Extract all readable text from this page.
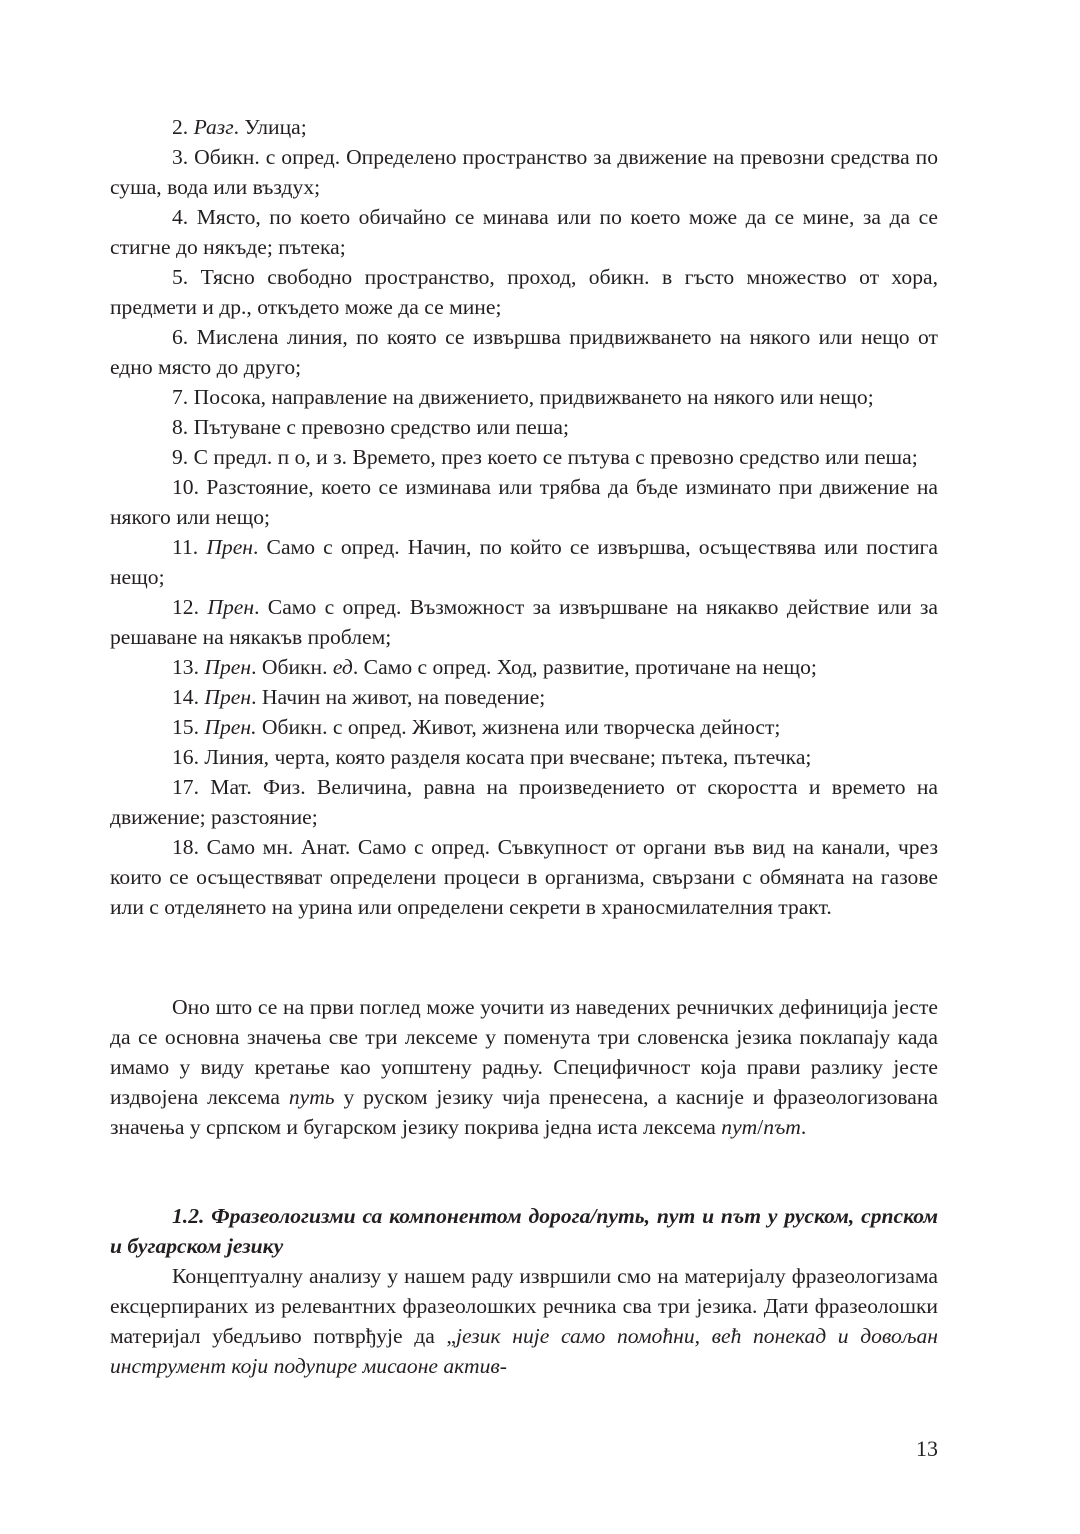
2. Разг. Улица;

3. Обикн. с опред. Определено пространство за движение на превозни средства по суша, вода или въздух;

4. Място, по което обичайно се минава или по което може да се мине, за да се стигне до някъде; пътека;

5. Тясно свободно пространство, проход, обикн. в гъсто множество от хора, предмети и др., откъдето може да се мине;

6. Мислена линия, по която се извършва придвижването на някого или нещо от едно място до друго;

7. Посока, направление на движението, придвижването на някого или нещо;

8. Пътуване с превозно средство или пеша;

9. С предл. п о, и з. Времето, през което се пътува с превозно средство или пеша;

10. Разстояние, което се изминава или трябва да бъде изминато при движение на някого или нещо;

11. Прен. Само с опред. Начин, по който се извършва, осъществява или постига нещо;

12. Прен. Само с опред. Възможност за извършване на някакво действие или за решаване на някакъв проблем;

13. Прен. Обикн. ед. Само с опред. Ход, развитие, протичане на нещо;

14. Прен. Начин на живот, на поведение;

15. Прен. Обикн. с опред. Живот, жизнена или творческа дейност;

16. Линия, черта, която разделя косата при вчесване; пътека, пътечка;

17. Мат. Физ. Величина, равна на произведението от скоростта и времето на движение; разстояние;

18. Само мн. Анат. Само с опред. Съвкупност от органи във вид на канали, чрез които се осъществяват определени процеси в организма, свързани с обмяната на газове или с отделянето на урина или определени секрети в храносмилателния тракт.

Оно што се на први поглед може уочити из наведених речничких дефиниција јесте да се основна значења све три лексеме у поменута три словенска језика поклапају када имамо у виду кретање као уопштену радњу. Специфичност која прави разлику јесте издвојена лексема путь у руском језику чија пренесена, а касније и фразеологизована значења у српском и бугарском језику покрива једна иста лексема пут/път.

1.2. Фразеологизми са компонентом дорога/путь, пут и път у руском, српском и бугарском језику

Концептуалну анализу у нашем раду извршили смо на материјалу фразеологизама ексцерпираних из релевантних фразеолошких речника сва три језика. Дати фразеолошки материјал убедљиво потврђује да „језик није само помоћни, већ понекад и довољан инструмент који подупире мисаоне актив-

13
